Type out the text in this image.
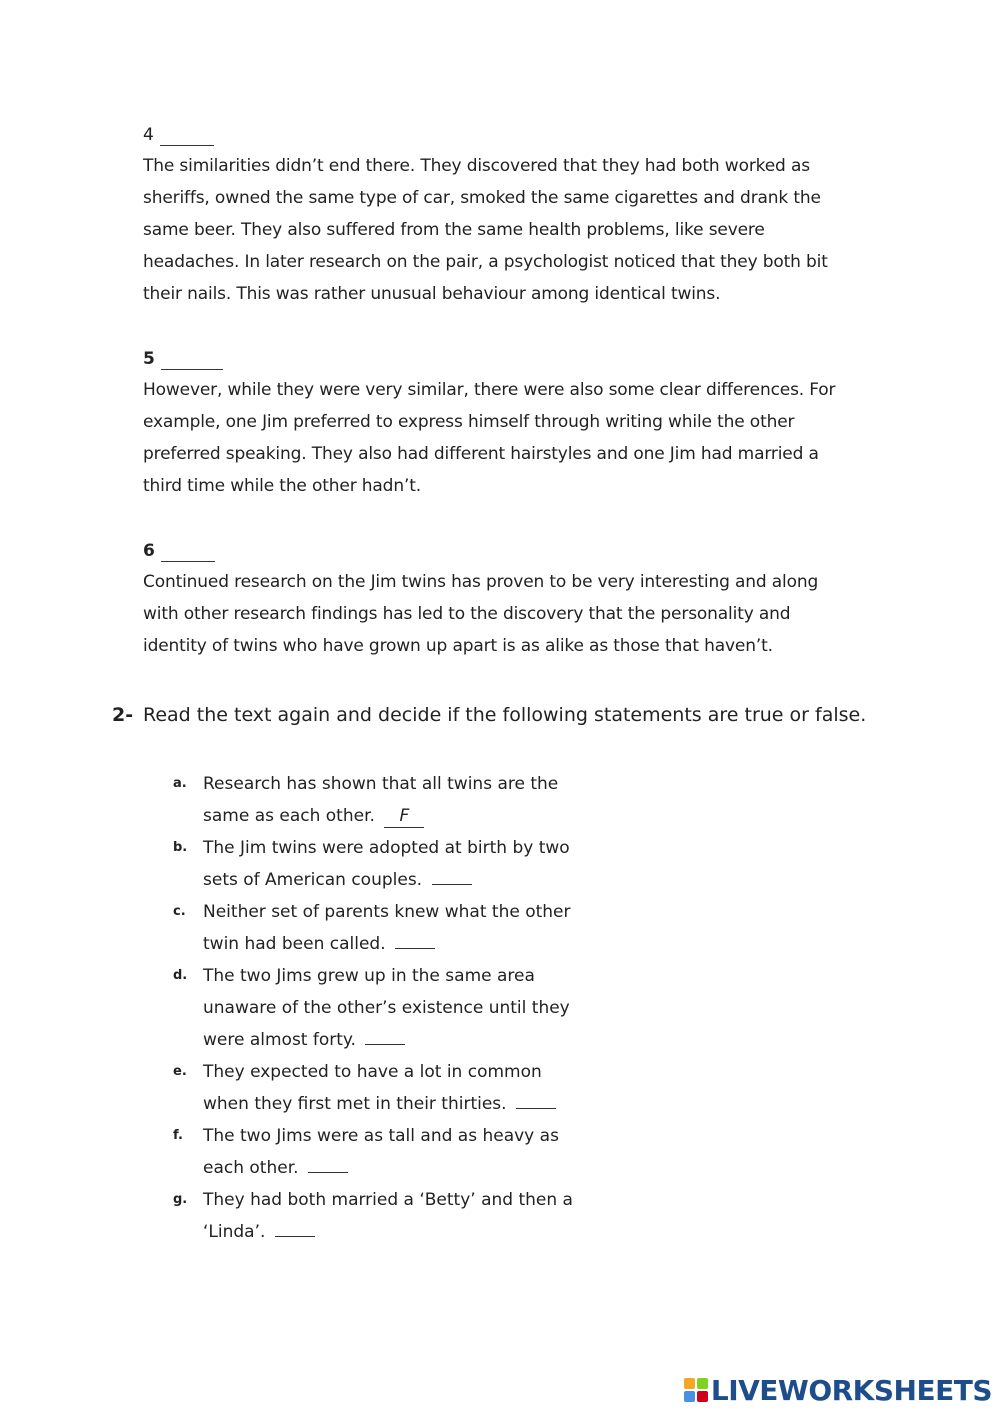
4
The similarities didn’t end there. They discovered that they had both worked as sheriffs, owned the same type of car, smoked the same cigarettes and drank the same beer. They also suffered from the same health problems, like severe headaches. In later research on the pair, a psychologist noticed that they both bit their nails. This was rather unusual behaviour among identical twins.
5
However, while they were very similar, there were also some clear differences. For example, one Jim preferred to express himself through writing while the other preferred speaking. They also had different hairstyles and one Jim had married a third time while the other hadn’t.
6
Continued research on the Jim twins has proven to be very interesting and along with other research findings has led to the discovery that the personality and identity of twins who have grown up apart is as alike as those that haven’t.
2- Read the text again and decide if the following statements are true or false.
a. Research has shown that all twins are the same as each other. F
b. The Jim twins were adopted at birth by two sets of American couples.
c.	Neither set of parents knew what the other twin had been called.
d. The two Jims grew up in the same area unaware of the other’s existence until they were almost forty.
e. They expected to have a lot in common when they first met in their thirties.
f.	The two Jims were as tall and as heavy as each other.
g. They had both married a ‘Betty’ and then a ‘Linda’.
LIVEWORKSHEETS
